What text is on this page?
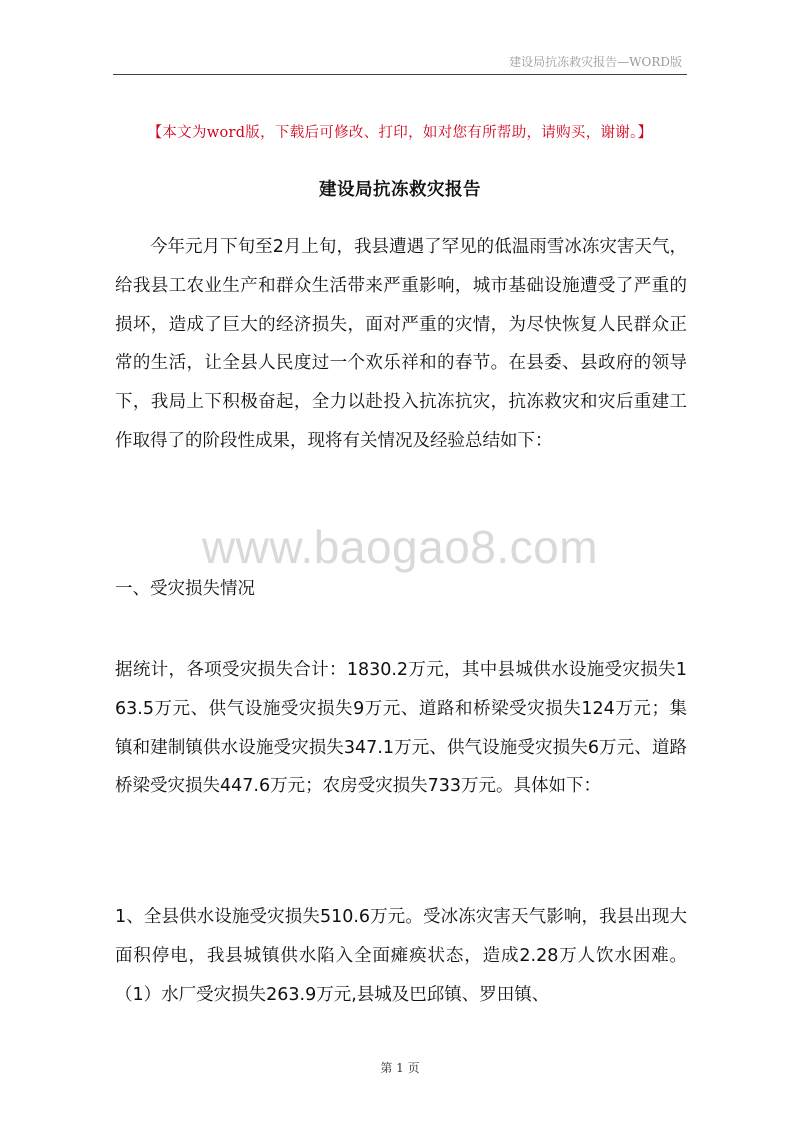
建设局抗冻救灾报告—WORD版
【本文为word版，下载后可修改、打印，如对您有所帮助，请购买，谢谢。】
建设局抗冻救灾报告
今年元月下旬至2月上旬，我县遭遇了罕见的低温雨雪冰冻灾害天气，给我县工农业生产和群众生活带来严重影响，城市基础设施遭受了严重的损坏，造成了巨大的经济损失，面对严重的灾情，为尽快恢复人民群众正常的生活，让全县人民度过一个欢乐祥和的春节。在县委、县政府的领导下，我局上下积极奋起，全力以赴投入抗冻抗灾，抗冻救灾和灾后重建工作取得了的阶段性成果，现将有关情况及经验总结如下：
www.baogao8.com
一、受灾损失情况
据统计，各项受灾损失合计：1830.2万元，其中县城供水设施受灾损失163.5万元、供气设施受灾损失9万元、道路和桥梁受灾损失124万元；集镇和建制镇供水设施受灾损失347.1万元、供气设施受灾损失6万元、道路桥梁受灾损失447.6万元；农房受灾损失733万元。具体如下：
1、全县供水设施受灾损失510.6万元。受冰冻灾害天气影响，我县出现大面积停电，我县城镇供水陷入全面瘫痪状态，造成2.28万人饮水困难。（1）水厂受灾损失263.9万元,县城及巴邱镇、罗田镇、
第 1 页
